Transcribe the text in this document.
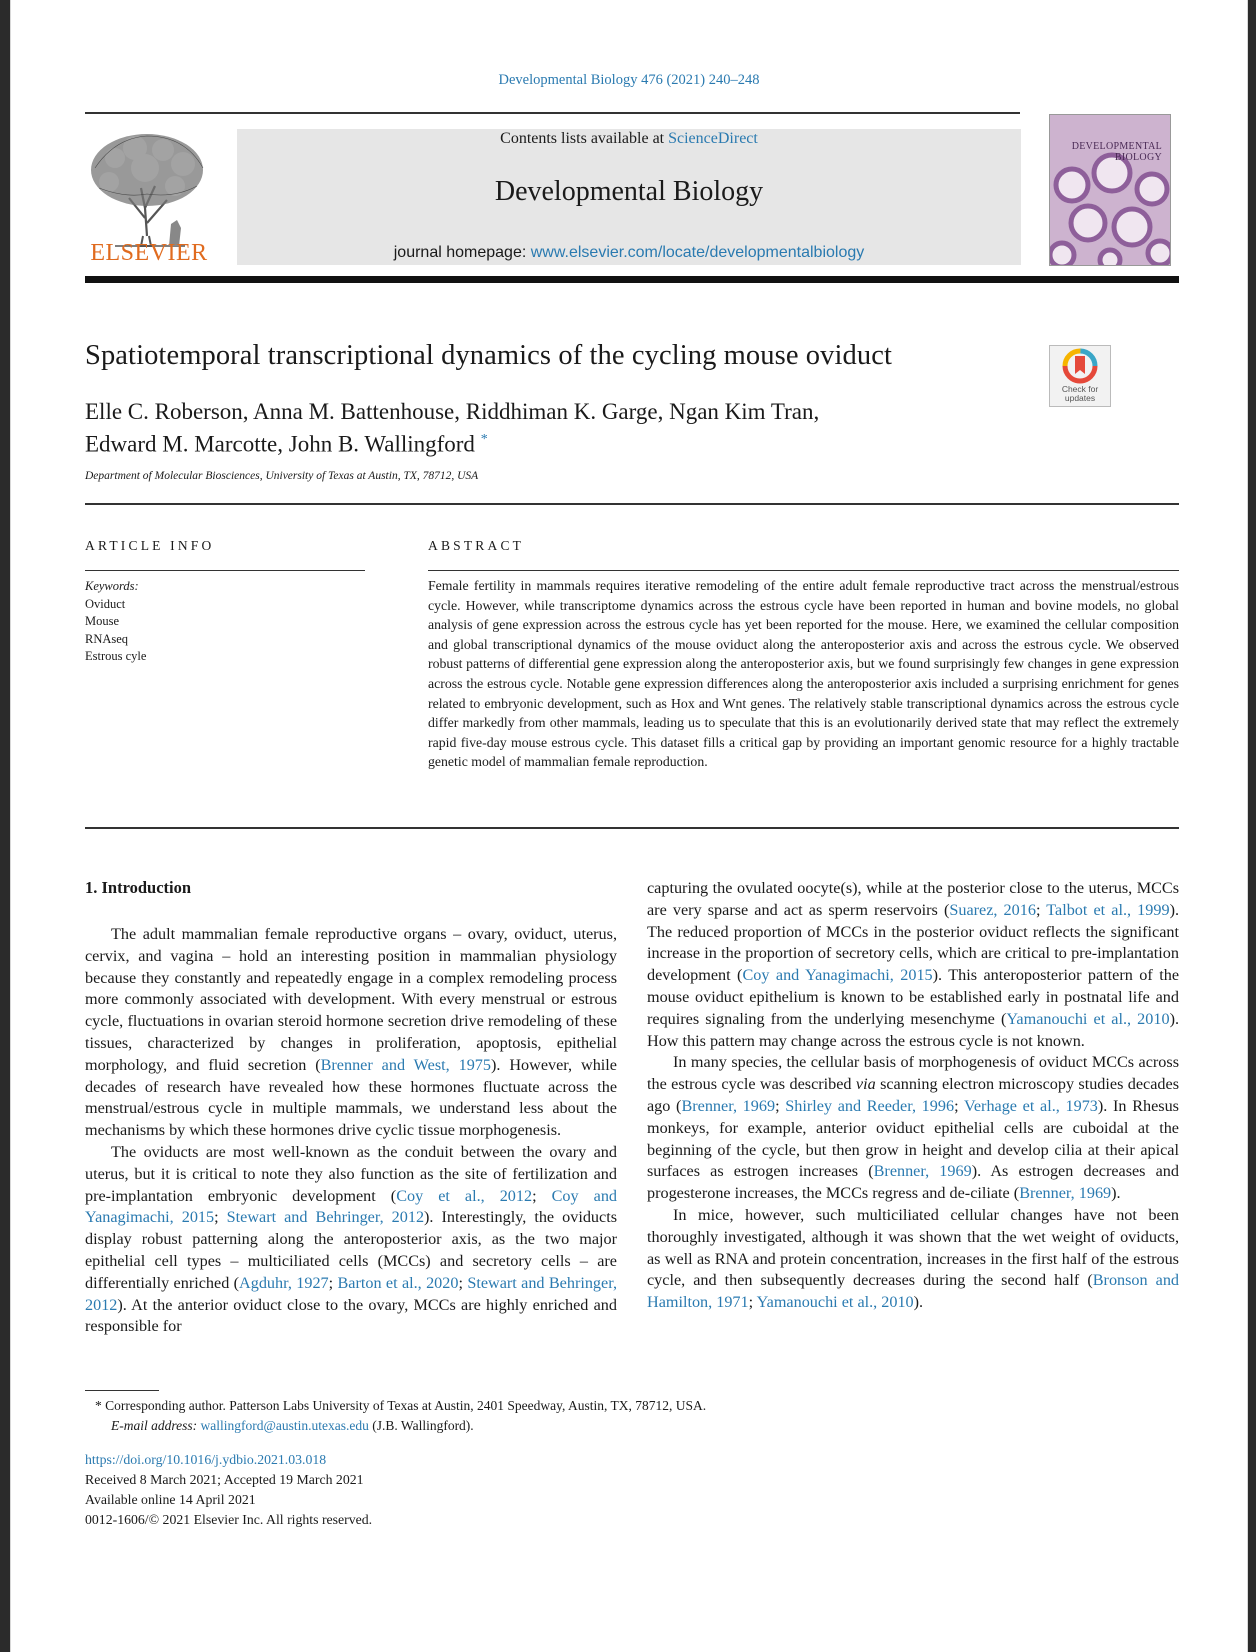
Developmental Biology 476 (2021) 240–248
ELSEVIER
Contents lists available at ScienceDirect
Developmental Biology
journal homepage: www.elsevier.com/locate/developmentalbiology
DEVELOPMENTAL
BIOLOGY
Spatiotemporal transcriptional dynamics of the cycling mouse oviduct
Check for
updates
Elle C. Roberson, Anna M. Battenhouse, Riddhiman K. Garge, Ngan Kim Tran,
Edward M. Marcotte, John B. Wallingford *
Department of Molecular Biosciences, University of Texas at Austin, TX, 78712, USA
ARTICLE INFO	ABSTRACT
Keywords:
Oviduct
Mouse
RNAseq
Estrous cyle
Female fertility in mammals requires iterative remodeling of the entire adult female reproductive tract across the menstrual/estrous cycle. However, while transcriptome dynamics across the estrous cycle have been reported in human and bovine models, no global analysis of gene expression across the estrous cycle has yet been reported for the mouse. Here, we examined the cellular composition and global transcriptional dynamics of the mouse oviduct along the anteroposterior axis and across the estrous cycle. We observed robust patterns of differential gene expression along the anteroposterior axis, but we found surprisingly few changes in gene expression across the estrous cycle. Notable gene expression differences along the anteroposterior axis included a surprising enrichment for genes related to embryonic development, such as Hox and Wnt genes. The relatively stable transcriptional dynamics across the estrous cycle differ markedly from other mammals, leading us to speculate that this is an evolutionarily derived state that may reflect the extremely rapid five-day mouse estrous cycle. This dataset fills a critical gap by providing an important genomic resource for a highly tractable genetic model of mammalian female reproduction.
1. Introduction

The adult mammalian female reproductive organs – ovary, oviduct, uterus, cervix, and vagina – hold an interesting position in mammalian physiology because they constantly and repeatedly engage in a complex remodeling process more commonly associated with development. With every menstrual or estrous cycle, fluctuations in ovarian steroid hormone secretion drive remodeling of these tissues, characterized by changes in proliferation, apoptosis, epithelial morphology, and fluid secretion (Brenner and West, 1975). However, while decades of research have revealed how these hormones fluctuate across the menstrual/estrous cycle in multiple mammals, we understand less about the mechanisms by which these hormones drive cyclic tissue morphogenesis.

The oviducts are most well-known as the conduit between the ovary and uterus, but it is critical to note they also function as the site of fertilization and pre-implantation embryonic development (Coy et al., 2012; Coy and Yanagimachi, 2015; Stewart and Behringer, 2012). Interestingly, the oviducts display robust patterning along the anteroposterior axis, as the two major epithelial cell types – multiciliated cells (MCCs) and secretory cells – are differentially enriched (Agduhr, 1927; Barton et al., 2020; Stewart and Behringer, 2012). At the anterior oviduct close to the ovary, MCCs are highly enriched and responsible for

capturing the ovulated oocyte(s), while at the posterior close to the uterus, MCCs are very sparse and act as sperm reservoirs (Suarez, 2016; Talbot et al., 1999). The reduced proportion of MCCs in the posterior oviduct reflects the significant increase in the proportion of secretory cells, which are critical to pre-implantation development (Coy and Yanagimachi, 2015). This anteroposterior pattern of the mouse oviduct epithelium is known to be established early in postnatal life and requires signaling from the underlying mesenchyme (Yamanouchi et al., 2010). How this pattern may change across the estrous cycle is not known.

In many species, the cellular basis of morphogenesis of oviduct MCCs across the estrous cycle was described via scanning electron microscopy studies decades ago (Brenner, 1969; Shirley and Reeder, 1996; Verhage et al., 1973). In Rhesus monkeys, for example, anterior oviduct epithelial cells are cuboidal at the beginning of the cycle, but then grow in height and develop cilia at their apical surfaces as estrogen increases (Brenner, 1969). As estrogen decreases and progesterone increases, the MCCs regress and de-ciliate (Brenner, 1969).

In mice, however, such multiciliated cellular changes have not been thoroughly investigated, although it was shown that the wet weight of oviducts, as well as RNA and protein concentration, increases in the first half of the estrous cycle, and then subsequently decreases during the second half (Bronson and Hamilton, 1971; Yamanouchi et al., 2010).

* Corresponding author. Patterson Labs University of Texas at Austin, 2401 Speedway, Austin, TX, 78712, USA.
E-mail address: wallingford@austin.utexas.edu (J.B. Wallingford).
https://doi.org/10.1016/j.ydbio.2021.03.018
Received 8 March 2021; Accepted 19 March 2021
Available online 14 April 2021
0012-1606/© 2021 Elsevier Inc. All rights reserved.
